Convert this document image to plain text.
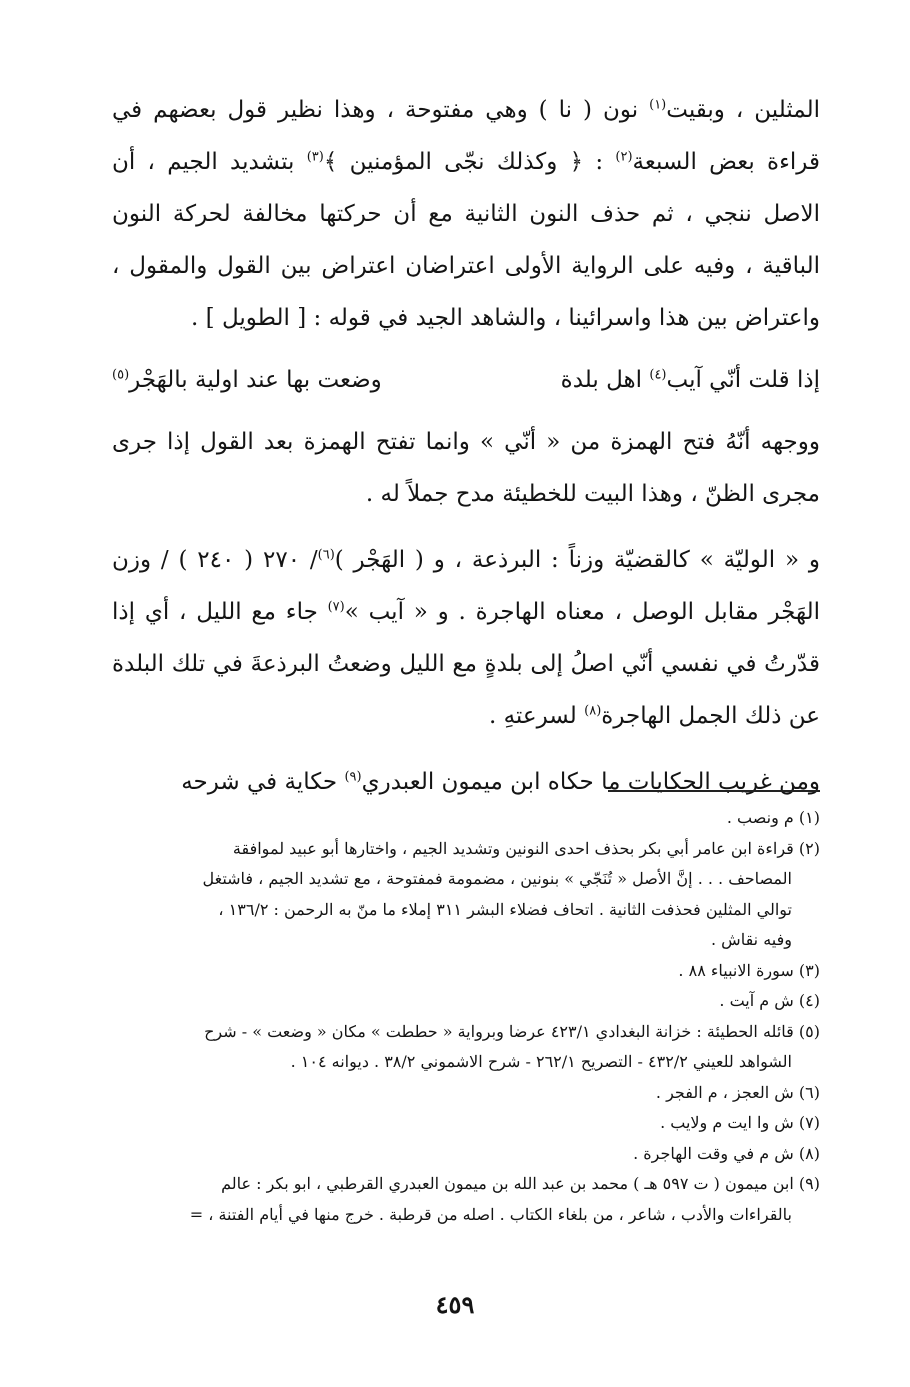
المثلين ، وبقيت$^{(١)}$ نون ( نا ) وهي مفتوحة ، وهذا نظير قول بعضهم في قراءة بعض السبعة$^{(٢)}$ : ﴿ وكذلك نجّى المؤمنين ﴾$^{(٣)}$ بتشديد الجيم ، أن الاصل ننجي ، ثم حذف النون الثانية مع أن حركتها مخالفة لحركة النون الباقية ، وفيه على الرواية الأولى اعتراضان اعتراض بين القول والمقول ، واعتراض بين هذا واسرائينا ، والشاهد الجيد في قوله : [ الطويل ] .

إذا قلت أنّي آيب$^{(٤)}$ اهل بلدة
وضعت بها عند اولية بالهَجْر$^{(٥)}$

ووجهه أنّهُ فتح الهمزة من « أنّي » وانما تفتح الهمزة بعد القول إذا جرى مجرى الظنّ ، وهذا البيت للخطيئة مدح جملاً له .

و « الوليّة » كالقضيّة وزناً : البرذعة ، و ( الهَجْر )$^{(٦)}$/ ٢٧٠ ( ٢٤٠ ) / وزن الهَجْر مقابل الوصل ، معناه الهاجرة . و « آيب »$^{(٧)}$ جاء مع الليل ، أي إذا قدّرتُ في نفسي أنّي اصلُ إلى بلدةٍ مع الليل وضعتُ البرذعةَ في تلك البلدة عن ذلك الجمل الهاجرة$^{(٨)}$ لسرعتهِ .

ومن غريب الحكايات ما حكاه ابن ميمون العبدري$^{(٩)}$ حكاية في شرحه

(١) م ونصب .

(٢) قراءة ابن عامر أبي بكر بحذف احدى النونين وتشديد الجيم ، واختارها أبو عبيد لموافقة

المصاحف . . . إنَّ الأصل « تُنَجّي » بنونين ، مضمومة فمفتوحة ، مع تشديد الجيم ، فاشتغل

توالي المثلين فحذفت الثانية . اتحاف فضلاء البشر ٣١١ إملاء ما منّ به الرحمن : ١٣٦/٢ ،

وفيه نقاش .

(٣) سورة الانبياء ٨٨ .

(٤) ش م آيت .

(٥) قائله الحطيئة : خزانة البغدادي ٤٢٣/١ عرضا وبرواية « حططت » مكان « وضعت » - شرح

الشواهد للعيني ٤٣٢/٢ - التصريح ٢٦٢/١ - شرح الاشموني ٣٨/٢ . ديوانه ١٠٤ .

(٦) ش العجز ، م الفجر .

(٧) ش وا ايت م ولايب .

(٨) ش م في وقت الهاجرة .

(٩) ابن ميمون ( ت ٥٩٧ هـ ) محمد بن عبد الله بن ميمون العبدري القرطبي ، ابو بكر : عالم

بالقراءات والأدب ، شاعر ، من بلغاء الكتاب . اصله من قرطبة . خرج منها في أيام الفتنة ، =

٤٥٩
